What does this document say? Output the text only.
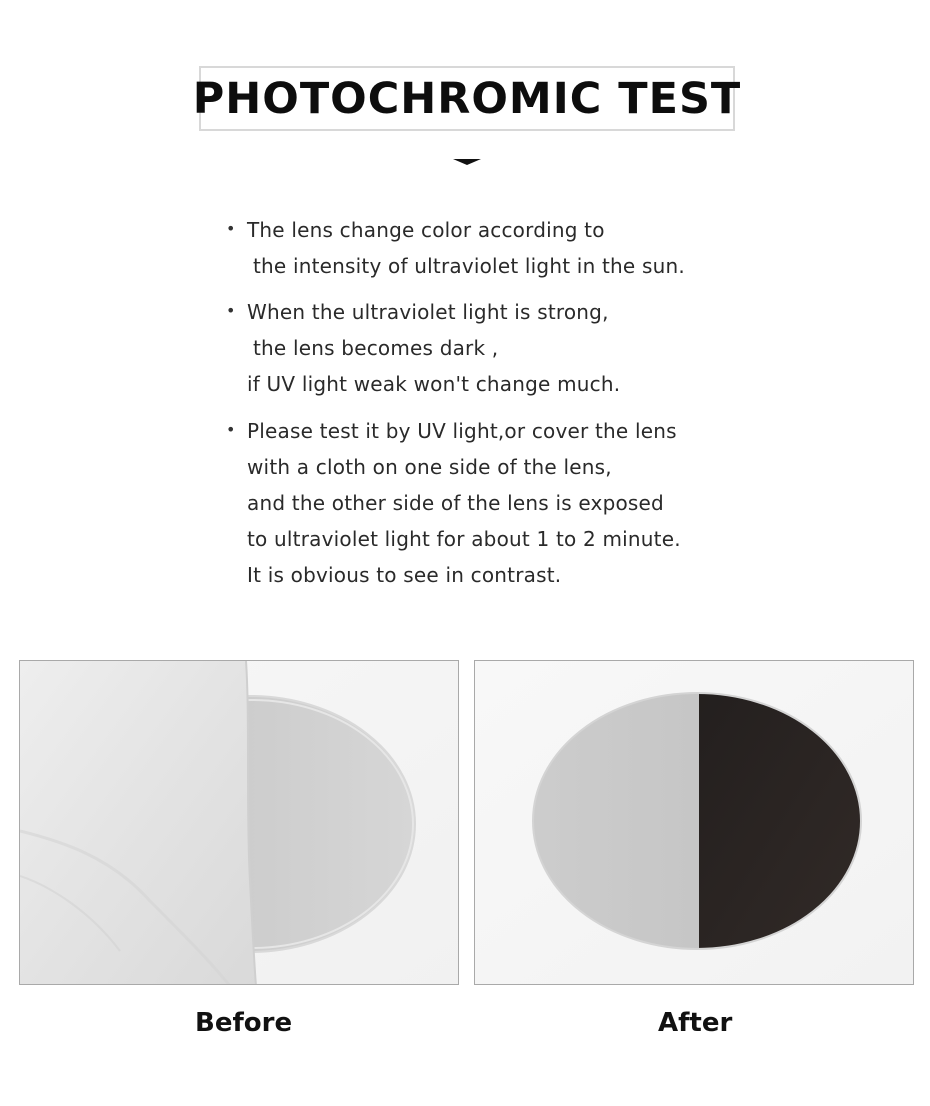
PHOTOCHROMIC TEST
• The lens change color according to
the intensity of ultraviolet light in the sun.
• When the ultraviolet light is strong,
the lens becomes dark ,
if UV light weak won't change much.
• Please test it by UV light,or cover the lens
with a cloth on one side of the lens,
and the other side of the lens is exposed
to ultraviolet light for about 1 to 2 minute.
It is obvious to see in contrast.
Before	After
